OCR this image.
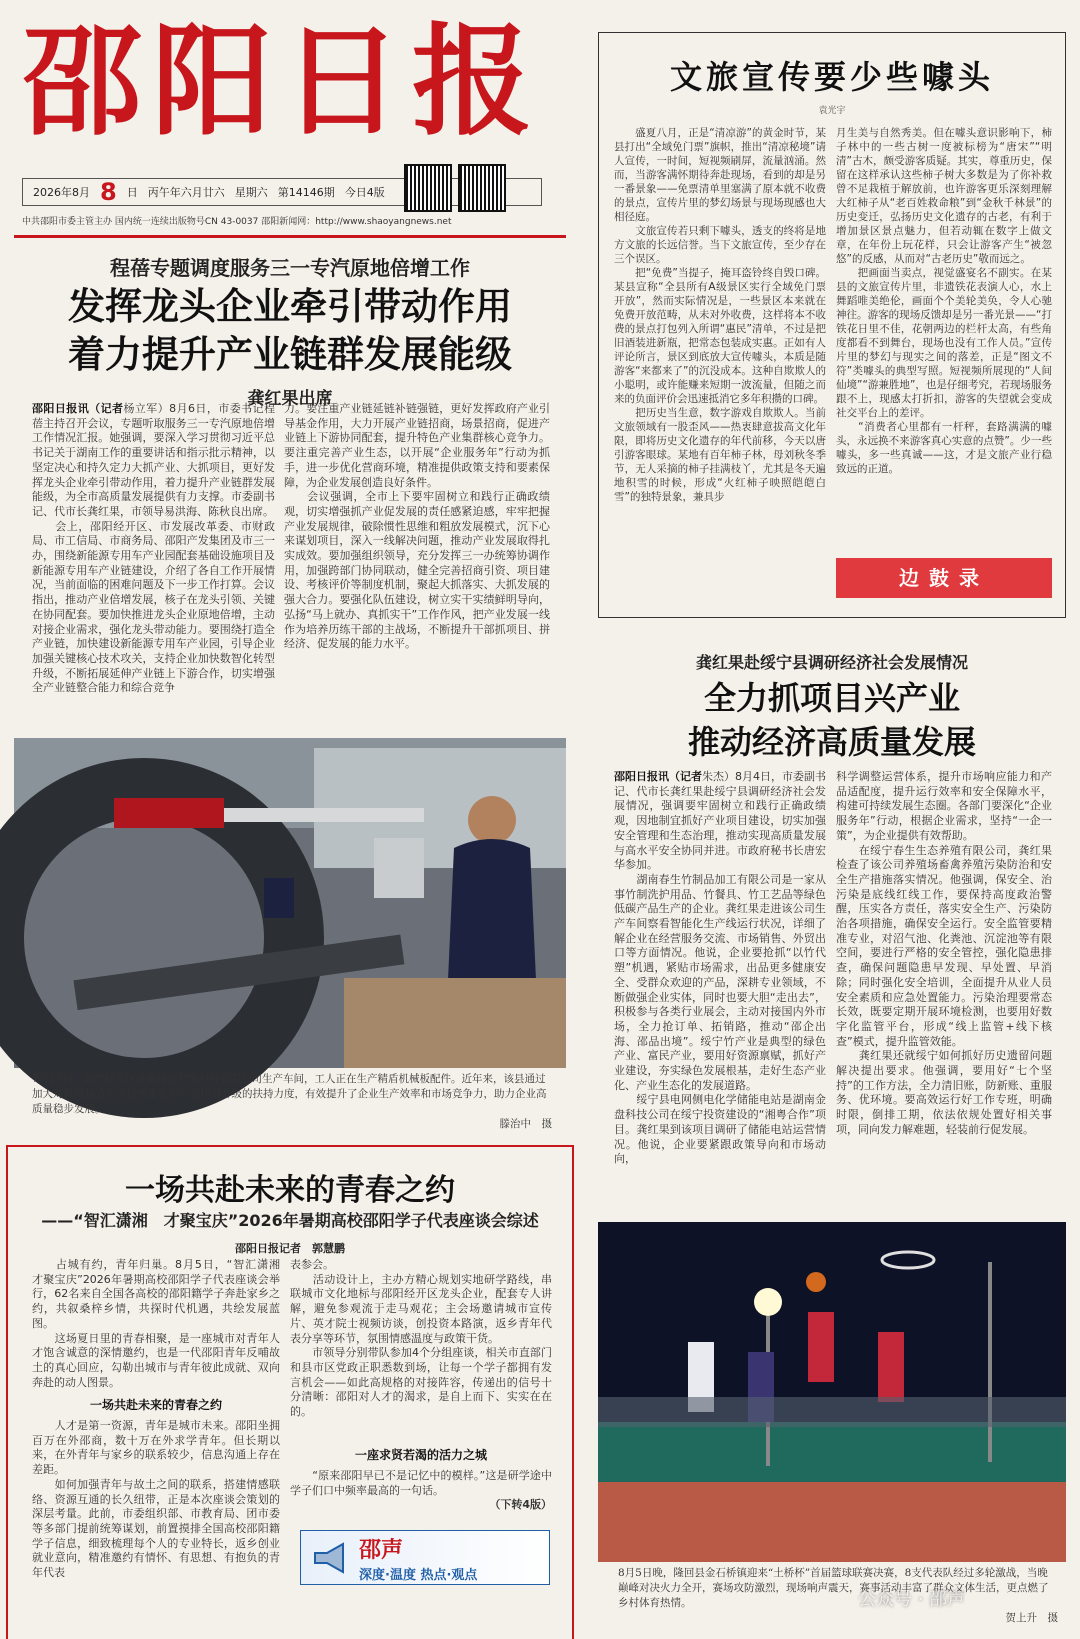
邵阳日报
2026年8月 8 日 丙午年六月廿六 星期六 第14146期 今日4版
中共邵阳市委主管主办 国内统一连续出版物号CN 43-0037 邵阳新闻网：http://www.shaoyangnews.net
程蓓专题调度服务三一专汽原地倍增工作
发挥龙头企业牵引带动作用
着力提升产业链群发展能级
龚红果出席
邵阳日报讯（记者杨立军）8月6日，市委书记程蓓主持召开会议，专题听取服务三一专汽原地倍增工作情况汇报。她强调，要深入学习贯彻习近平总书记关于湖南工作的重要讲话和指示批示精神，以坚定决心和持久定力大抓产业、大抓项目，更好发挥龙头企业牵引带动作用，着力提升产业链群发展能级，为全市高质量发展提供有力支撑。市委副书记、代市长龚红果，市领导易洪海、陈秋良出席。
　　会上，邵阳经开区、市发展改革委、市财政局、市工信局、市商务局、邵阳产发集团及市三一办，围绕新能源专用车产业园配套基础设施项目及新能源专用车产业链建设，介绍了各自工作开展情况，当前面临的困难问题及下一步工作打算。会议指出，推动产业倍增发展，核子在龙头引领、关键在协同配套。要加快推进龙头企业原地倍增，主动对接企业需求，强化龙头带动能力。要围绕打造全产业链，加快建设新能源专用车产业园，引导企业加强关键核心技术攻关，支持企业加快数智化转型升级，不断拓展延伸产业链上下游合作，切实增强全产业链整合能力和综合竞争
力。要注重产业链延链补链强链，更好发挥政府产业引导基金作用，大力开展产业链招商，场景招商，促进产业链上下游协同配套，提升特色产业集群核心竞争力。要注重完善产业生态，以开展“企业服务年”行动为抓手，进一步优化营商环境，精准提供政策支持和要素保障，为企业发展创造良好条件。
　　会议强调，全市上下要牢固树立和践行正确政绩观，切实增强抓产业促发展的责任感紧迫感，牢牢把握产业发展规律，破除惯性思维和粗放发展模式，沉下心来谋划项目，深入一线解决问题，推动产业发展取得扎实成效。要加强组织领导，充分发挥三一办统筹协调作用，加强跨部门协同联动，健全完善招商引资、项目建设、考核评价等制度机制，聚起大抓落实、大抓发展的强大合力。要强化队伍建设，树立实干实绩鲜明导向，弘扬“马上就办、真抓实干”工作作风，把产业发展一线作为培养历练干部的主战场，不断提升干部抓项目、拼经济、促发展的能力水平。
7月27日，洞口经开区湖南铨冠智能科技有限公司生产车间，工人正在生产精盾机械板配件。近年来，该县通过加大对机械制造企业技术革新和产品转型升级的扶持力度，有效提升了企业生产效率和市场竞争力，助力企业高质量稳步发展。
滕治中　摄
一场共赴未来的青春之约
——“智汇潇湘　才聚宝庆”2026年暑期高校邵阳学子代表座谈会综述
邵阳日报记者　郭慧鹏
　　占城有约，青年归巢。8月5日，“智汇潇湘　才聚宝庆”2026年暑期高校邵阳学子代表座谈会举行，62名来自全国各高校的邵阳籍学子奔赴家乡之约，共叙桑梓乡情，共探时代机遇，共绘发展蓝图。
　　这场夏日里的青春相聚，是一座城市对青年人才饱含诚意的深情邀约，也是一代邵阳青年反哺故土的真心回应，勾勒出城市与青年彼此成就、双向奔赴的动人图景。
一场共赴未来的青春之约
　　人才是第一资源，青年是城市未来。邵阳坐拥百万在外邵商，数十万在外求学青年。但长期以来，在外青年与家乡的联系较少，信息沟通上存在差距。
　　如何加强青年与故土之间的联系，搭建情感联络、资源互通的长久纽带，正是本次座谈会策划的深层考量。此前，市委组织部、市教育局、团市委等多部门提前统筹谋划，前置摸排全国高校邵阳籍学子信息，细致梳理每个人的专业特长，返乡创业就业意向，精准邀约有情怀、有思想、有抱负的青年代表
表参会。
　　活动设计上，主办方精心规划实地研学路线，串联城市文化地标与邵阳经开区龙头企业，配套专人讲解，避免参观流于走马观花；主会场邀请城市宣传片、英才院士视频访谈，创投资本路演，返乡青年代表分享等环节，氛围情感温度与政策干货。
　　市领导分别带队参加4个分组座谈，相关市直部门和县市区党政正职悉数到场，让每一个学子都拥有发言机会——如此高规格的对接阵容，传递出的信号十分清晰：邵阳对人才的渴求，是自上而下、实实在在的。
一座求贤若渴的活力之城
　　“原来邵阳早已不是记忆中的模样。”这是研学途中学子们口中频率最高的一句话。
（下转4版）
邵声
深度·温度 热点·观点
文旅宣传要少些噱头
袁光宇
　　盛夏八月，正是“清凉游”的黄金时节，某县打出“全域免门票”旗帜，推出“清凉秘境”请人宣传，一时间，短视频刷屏，流量汹涌。然而，当游客满怀期待奔赴现场，看到的却是另一番景象——免票清单里塞满了原本就不收费的景点，宣传片里的梦幻场景与现场现感也大相径庭。
　　文旅宣传若只剩下噱头，透支的终将是地方文旅的长远信誉。当下文旅宣传，至少存在三个误区。
　　把“免费”当提子，掩耳盗铃终自毁口碑。某县宣称“全县所有A级景区实行全域免门票开放”，然而实际情况是，一些景区本来就在免费开放范畴，从未对外收费，这样将本不收费的景点打包列入所谓“惠民”清单，不过是把旧酒装进新瓶，把常态包装成实惠。正如有人评论所言，景区到底放大宣传噱头，本质是随游客“来都来了”的沉没成本。这种自欺欺人的小聪明，或许能赚来短期一波流量，但随之而来的负面评价会迅速抵消它多年积攒的口碑。
　　把历史当生意，数字游戏自欺欺人。当前文旅领域有一股歪风——热衷肆意拔高文化年限，即将历史文化遗存的年代前移，今天以唐引游客眼球。某地有百年柿子林，母刘秋冬季节，无人采摘的柿子挂满枝丫，尤其是冬天遍地积雪的时候，形成“火红柿子映照皑皑白雪”的独特景象，兼具步
月生美与自然秀美。但在噱头意识影响下，柿子林中的一些古树一度被标榜为“唐宋”“明清”古木，颇受游客质疑。其实，尊重历史，保留在这样承认这些柿子树大多数是为了你补救曾不足栽植于解放前，也许游客更乐深刻理解大红柿子从“老百姓救命粮”到“金秋千林景”的历史变迁，弘扬历史文化遗存的古老，有利于增加景区景点魅力，但若动辄在数字上做文章，在年份上玩花样，只会让游客产生“被忽悠”的反感，从而对“古老历史”敬而远之。
　　把画面当卖点，视觉盛宴名不副实。在某县的文旅宣传片里，非遗铁花表演人心，水上舞蹈唯美绝伦，画面个个美轮美奂，令人心驰神往。游客的现场反馈却是另一番光景——“打铁花日里不佳，花朝两边的栏杆太高，有些角度都看不到舞台，现场也没有工作人员。”宣传片里的梦幻与现实之间的落差，正是“图文不符”类噱头的典型写照。短视频所展现的“人间仙境”“游兼胜地”，也是仔细考究，若现场服务跟不上，现感太打折扣，游客的失望就会变成社交平台上的差评。
　　“消费者心里都有一杆秤，套路满满的噱头，永远换不来游客真心实意的点赞”。少一些噱头，多一些真诚——这，才是文旅产业行稳致远的正道。
边鼓录
龚红果赴绥宁县调研经济社会发展情况
全力抓项目兴产业
推动经济高质量发展
邵阳日报讯（记者朱杰）8月4日，市委副书记、代市长龚红果赴绥宁县调研经济社会发展情况，强调要牢固树立和践行正确政绩观，因地制宜抓好产业项目建设，切实加强安全管理和生态治理，推动实现高质量发展与高水平安全协同并进。市政府秘书长唐宏华参加。
　　湖南春生竹制品加工有限公司是一家从事竹制洗护用品、竹餐具、竹工艺品等绿色低碳产品生产的企业。龚红果走进该公司生产车间察看智能化生产线运行状况，详细了解企业在经营服务交流、市场销售、外贸出口等方面情况。他说，企业要抢抓“以竹代塑”机遇，紧贴市场需求，出品更多健康安全、受群众欢迎的产品，深耕专业领域，不断做强企业实体，同时也要大胆“走出去”，积极参与各类行业展会，主动对接国内外市场，全力抢订单、拓销路，推动“邵企出海、邵品出境”。绥宁竹产业是典型的绿色产业、富民产业，要用好资源禀赋，抓好产业建设，夯实绿色发展根基，走好生态产业化、产业生态化的发展道路。
　　绥宁县电网侧电化学储能电站是湖南金盘科技公司在绥宁投资建设的“湘粤合作”项目。龚红果到该项目调研了储能电站运营情况。他说，企业要紧跟政策导向和市场动向，
科学调整运营体系，提升市场响应能力和产品适配度，提升运行效率和安全保障水平，构建可持续发展生态圈。各部门要深化“企业服务年”行动，根据企业需求，坚持“一企一策”，为企业提供有效帮助。
　　在绥宁春生生态养殖有限公司，龚红果检查了该公司养殖场畜禽养殖污染防治和安全生产措施落实情况。他强调，保安全、治污染是底线红线工作，要保持高度政治警醒，压实各方责任，落实安全生产、污染防治各项措施，确保安全运行。安全监管要精准专业，对沼气池、化粪池、沉淀池等有限空间，要进行严格的安全管控，强化隐患排查，确保问题隐患早发现、早处置、早消除；同时强化安全培训，全面提升从业人员安全素质和应急处置能力。污染治理要常态长效，既要定期开展环境检测，也要用好数字化监管平台，形成“线上监管+线下核查”模式，提升监管效能。
　　龚红果还就绥宁如何抓好历史遗留问题解决提出要求。他强调，要用好“七个坚持”的工作方法，全力清旧账，防新账、重服务、优环境。要高效运行好工作专班，明确时限，倒排工期，依法依规处置好相关事项，同向发力解难题，轻装前行促发展。
8月5日晚，隆回县金石桥镇迎来“土桥杯”首届篮球联赛决赛，8支代表队经过多轮激战，当晚巅峰对决火力全开，赛场攻防激烈，现场响声震天，赛事活动丰富了群众文体生活，更点燃了乡村体育热情。
贺上升　摄
公众号 · 邵声
